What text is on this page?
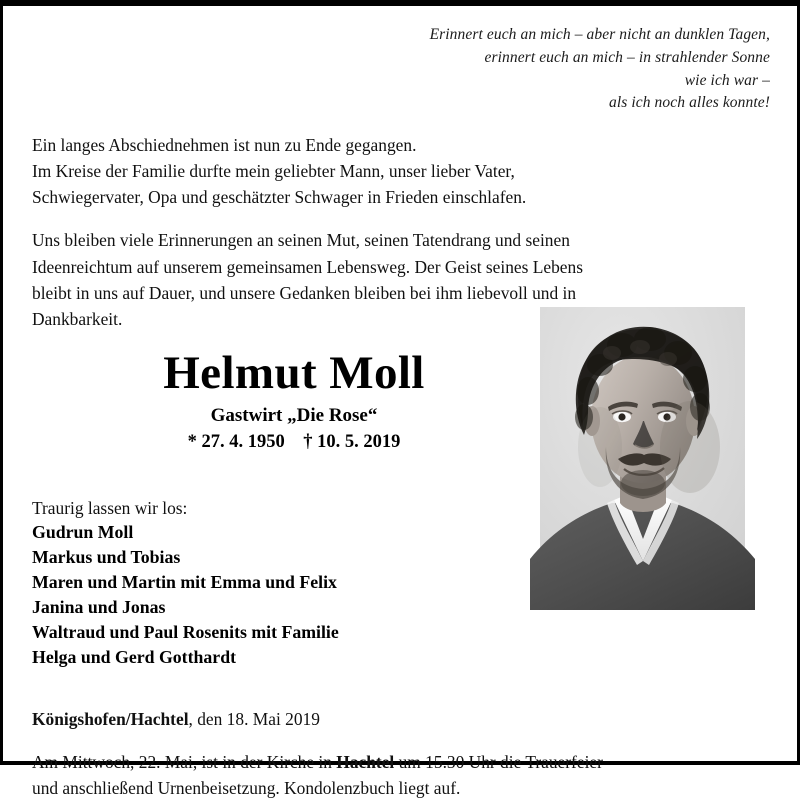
Erinnert euch an mich – aber nicht an dunklen Tagen,
erinnert euch an mich – in strahlender Sonne
wie ich war –
als ich noch alles konnte!

Ein langes Abschiednehmen ist nun zu Ende gegangen.
Im Kreise der Familie durfte mein geliebter Mann, unser lieber Vater,
Schwiegervater, Opa und geschätzter Schwager in Frieden einschlafen.

Uns bleiben viele Erinnerungen an seinen Mut, seinen Tatendrang und seinen
Ideenreichtum auf unserem gemeinsamen Lebensweg. Der Geist seines Lebens
bleibt in uns auf Dauer, und unsere Gedanken bleiben bei ihm liebevoll und in
Dankbarkeit.

Helmut Moll
Gastwirt „Die Rose“
* 27. 4. 1950    † 10. 5. 2019
Traurig lassen wir los:
Gudrun Moll
Markus und Tobias
Maren und Martin mit Emma und Felix
Janina und Jonas
Waltraud und Paul Rosenits mit Familie
Helga und Gerd Gotthardt
Königshofen/Hachtel, den 18. Mai 2019
Am Mittwoch, 22. Mai, ist in der Kirche in Hachtel um 15.30 Uhr die Trauerfeier
und anschließend Urnenbeisetzung. Kondolenzbuch liegt auf.
